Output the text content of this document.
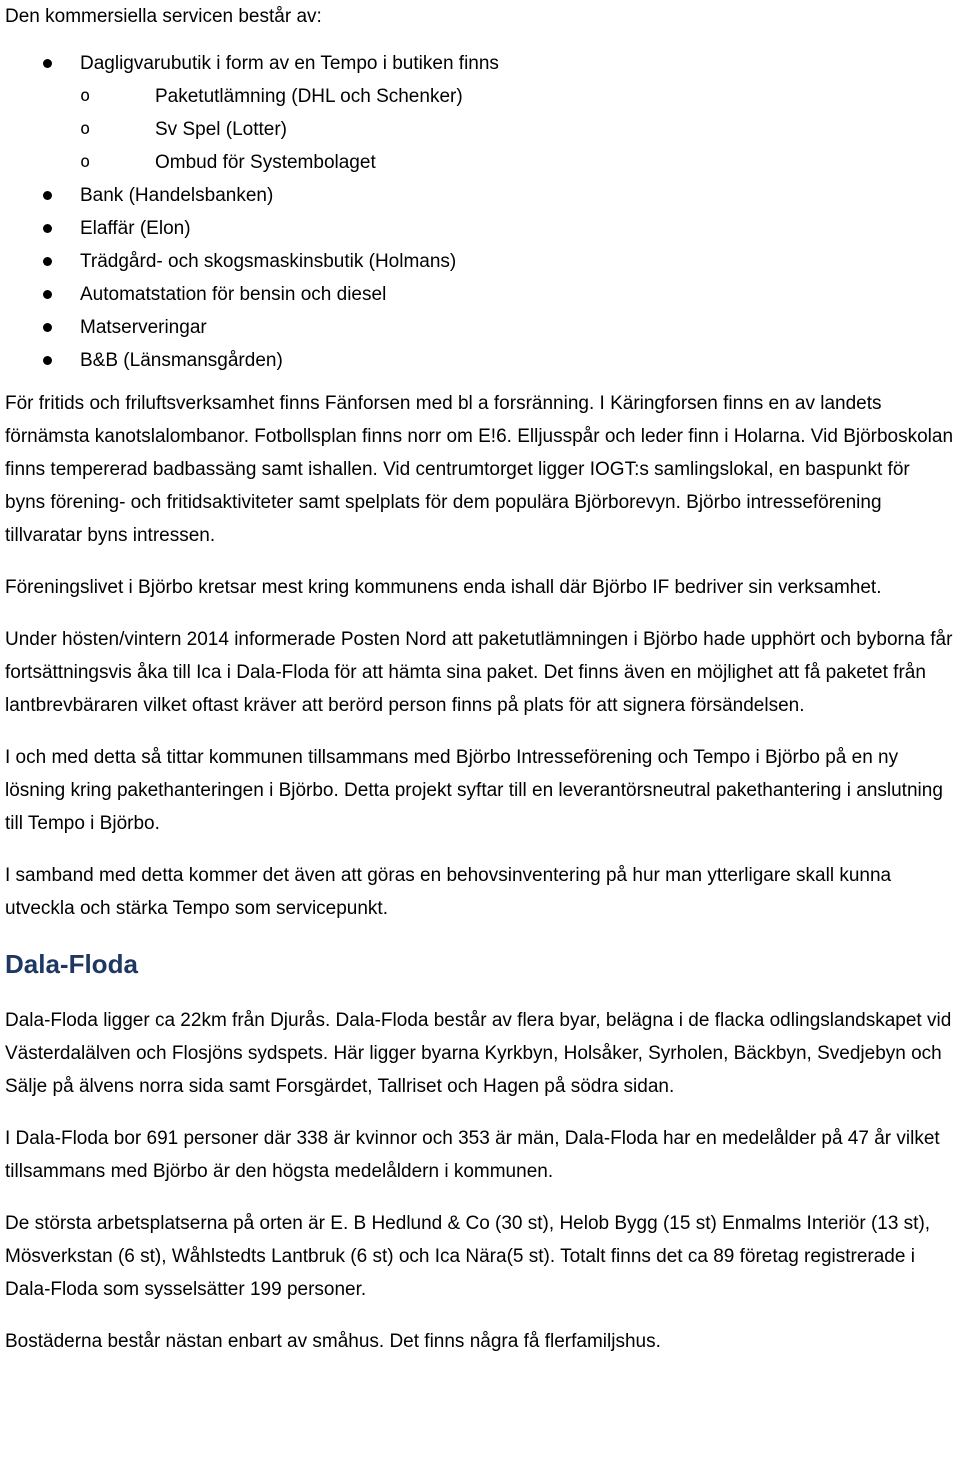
Den kommersiella servicen består av:

Dagligvarubutik i form av en Tempo i butiken finns
o Paketutlämning (DHL och Schenker)
o Sv Spel (Lotter)
o Ombud för Systembolaget
Bank (Handelsbanken)
Elaffär (Elon)
Trädgård- och skogsmaskinsbutik (Holmans)
Automatstation för bensin och diesel
Matserveringar
B&B (Länsmansgården)

För fritids och friluftsverksamhet finns Fänforsen med bl a forsränning. I Käringforsen finns en av landets förnämsta kanotslalombanor. Fotbollsplan finns norr om E!6. Elljusspår och leder finn i Holarna. Vid Björboskolan finns tempererad badbassäng samt ishallen. Vid centrumtorget ligger IOGT:s samlingslokal, en baspunkt för byns förening- och fritidsaktiviteter samt spelplats för dem populära Björborevyn. Björbo intresseförening tillvaratar byns intressen.

Föreningslivet i Björbo kretsar mest kring kommunens enda ishall där Björbo IF bedriver sin verksamhet.

Under hösten/vintern 2014 informerade Posten Nord att paketutlämningen i Björbo hade upphört och byborna får fortsättningsvis åka till Ica i Dala-Floda för att hämta sina paket. Det finns även en möjlighet att få paketet från lantbrevbäraren vilket oftast kräver att berörd person finns på plats för att signera försändelsen.

I och med detta så tittar kommunen tillsammans med Björbo Intresseförening och Tempo i Björbo på en ny lösning kring pakethanteringen i Björbo. Detta projekt syftar till en leverantörsneutral pakethantering i anslutning till Tempo i Björbo.

I samband med detta kommer det även att göras en behovsinventering på hur man ytterligare skall kunna utveckla och stärka Tempo som servicepunkt.

Dala-Floda

Dala-Floda ligger ca 22km från Djurås. Dala-Floda består av flera byar, belägna i de flacka odlingslandskapet vid Västerdalälven och Flosjöns sydspets. Här ligger byarna Kyrkbyn, Holsåker, Syrholen, Bäckbyn, Svedjebyn och Sälje på älvens norra sida samt Forsgärdet, Tallriset och Hagen på södra sidan.

I Dala-Floda bor 691 personer där 338 är kvinnor och 353 är män, Dala-Floda har en medelålder på 47 år vilket tillsammans med Björbo är den högsta medelåldern i kommunen.

De största arbetsplatserna på orten är E. B Hedlund & Co (30 st), Helob Bygg (15 st) Enmalms Interiör (13 st), Mösverkstan (6 st), Wåhlstedts Lantbruk (6 st) och Ica Nära(5 st). Totalt finns det ca 89 företag registrerade i Dala-Floda som sysselsätter 199 personer.

Bostäderna består nästan enbart av småhus. Det finns några få flerfamiljshus.
